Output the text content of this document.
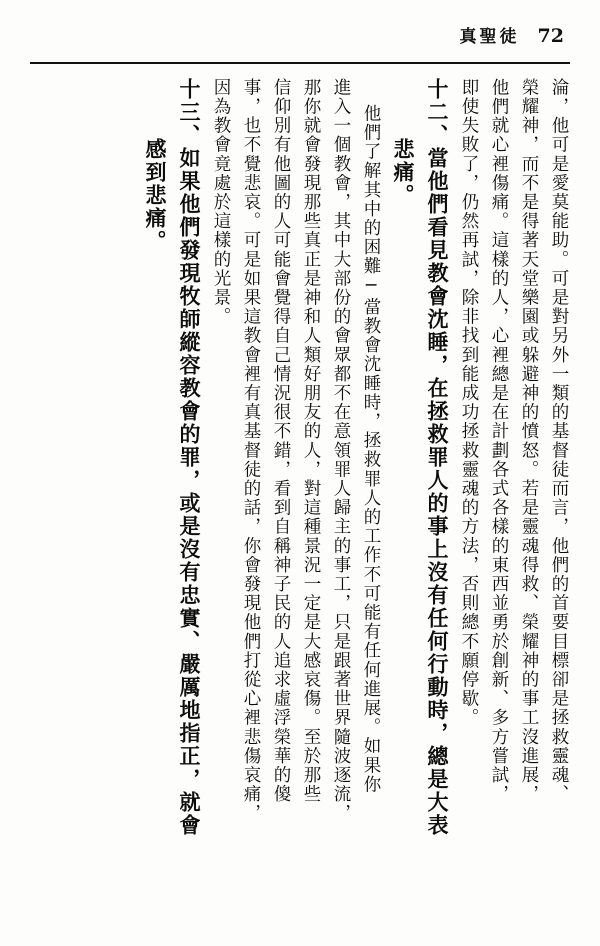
真聖徒 72
淪，他可是愛莫能助。可是對另外一類的基督徒而言，他們的首要目標卻是拯救靈魂、
榮耀神，而不是得著天堂樂園或躲避神的憤怒。若是靈魂得救、榮耀神的事工沒進展，
他們就心裡傷痛。這樣的人，心裡總是在計劃各式各樣的東西並勇於創新、多方嘗試，
即使失敗了，仍然再試，除非找到能成功拯救靈魂的方法，否則總不願停歇。
十二、當他們看見教會沈睡，在拯救罪人的事上沒有任何行動時，總是大表
悲痛。
他們了解其中的困難─當教會沈睡時，拯救罪人的工作不可能有任何進展。如果你
進入一個教會，其中大部份的會眾都不在意領罪人歸主的事工，只是跟著世界隨波逐流，
那你就會發現那些真正是神和人類好朋友的人，對這種景況一定是大感哀傷。至於那些
信仰別有他圖的人可能會覺得自己情況很不錯，看到自稱神子民的人追求虛浮榮華的傻
事，也不覺悲哀。可是如果這教會裡有真基督徒的話，你會發現他們打從心裡悲傷哀痛，
因為教會竟處於這樣的光景。
十三、如果他們發現牧師縱容教會的罪，或是沒有忠實、嚴厲地指正，就會
感到悲痛。
